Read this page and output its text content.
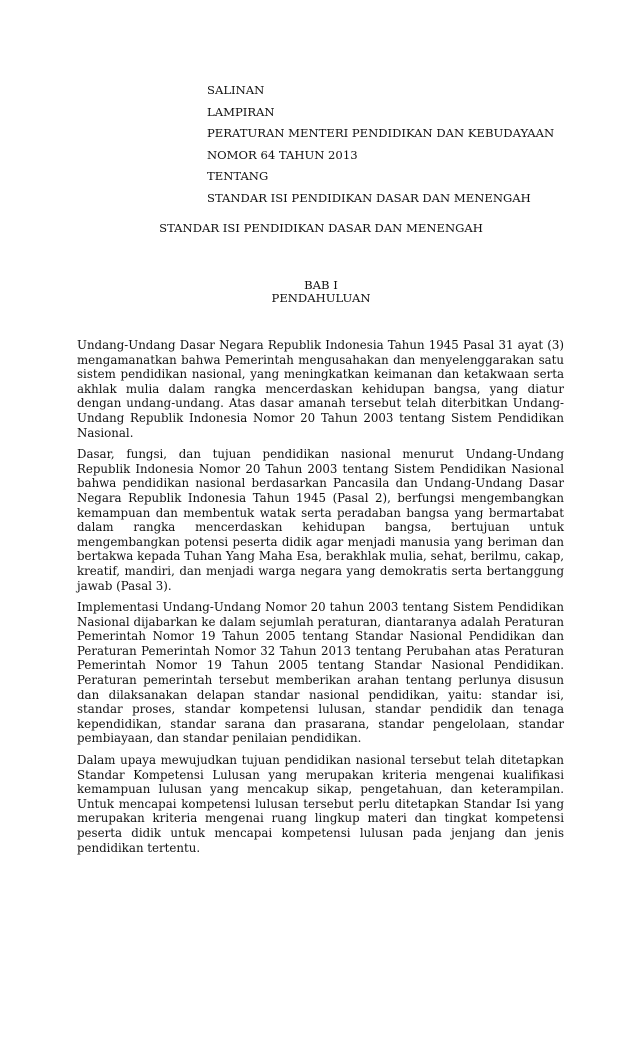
SALINAN
LAMPIRAN
PERATURAN MENTERI PENDIDIKAN DAN KEBUDAYAAN
NOMOR 64 TAHUN 2013
TENTANG
STANDAR ISI PENDIDIKAN DASAR DAN MENENGAH
STANDAR ISI PENDIDIKAN DASAR DAN MENENGAH
BAB I
PENDAHULUAN

Undang-Undang Dasar Negara Republik Indonesia Tahun 1945 Pasal 31 ayat (3) mengamanatkan bahwa Pemerintah mengusahakan dan menyelenggarakan satu sistem pendidikan nasional, yang meningkatkan keimanan dan ketakwaan serta akhlak mulia dalam rangka mencerdaskan kehidupan bangsa, yang diatur dengan undang-undang. Atas dasar amanah tersebut telah diterbitkan Undang-Undang Republik Indonesia Nomor 20 Tahun 2003 tentang Sistem Pendidikan Nasional.

Dasar, fungsi, dan tujuan pendidikan nasional menurut Undang-Undang Republik Indonesia Nomor 20 Tahun 2003 tentang Sistem Pendidikan Nasional bahwa pendidikan nasional berdasarkan Pancasila dan Undang-Undang Dasar Negara Republik Indonesia Tahun 1945 (Pasal 2), berfungsi mengembangkan kemampuan dan membentuk watak serta peradaban bangsa yang bermartabat dalam rangka mencerdaskan kehidupan bangsa, bertujuan untuk mengembangkan potensi peserta didik agar menjadi manusia yang beriman dan bertakwa kepada Tuhan Yang Maha Esa, berakhlak mulia, sehat, berilmu, cakap, kreatif, mandiri, dan menjadi warga negara yang demokratis serta bertanggung jawab (Pasal 3).

Implementasi Undang-Undang Nomor 20 tahun 2003 tentang Sistem Pendidikan Nasional dijabarkan ke dalam sejumlah peraturan, diantaranya adalah Peraturan Pemerintah Nomor 19 Tahun 2005 tentang Standar Nasional Pendidikan dan Peraturan Pemerintah Nomor 32 Tahun 2013 tentang Perubahan atas Peraturan Pemerintah Nomor 19 Tahun 2005 tentang Standar Nasional Pendidikan. Peraturan pemerintah tersebut memberikan arahan tentang perlunya disusun dan dilaksanakan delapan standar nasional pendidikan, yaitu: standar isi, standar proses, standar kompetensi lulusan, standar pendidik dan tenaga kependidikan, standar sarana dan prasarana, standar pengelolaan, standar pembiayaan, dan standar penilaian pendidikan.

Dalam upaya mewujudkan tujuan pendidikan nasional tersebut telah ditetapkan Standar Kompetensi Lulusan yang merupakan kriteria mengenai kualifikasi kemampuan lulusan yang mencakup sikap, pengetahuan, dan keterampilan. Untuk mencapai kompetensi lulusan tersebut perlu ditetapkan Standar Isi yang merupakan kriteria mengenai ruang lingkup materi dan tingkat kompetensi peserta didik untuk mencapai kompetensi lulusan pada jenjang dan jenis pendidikan tertentu.
